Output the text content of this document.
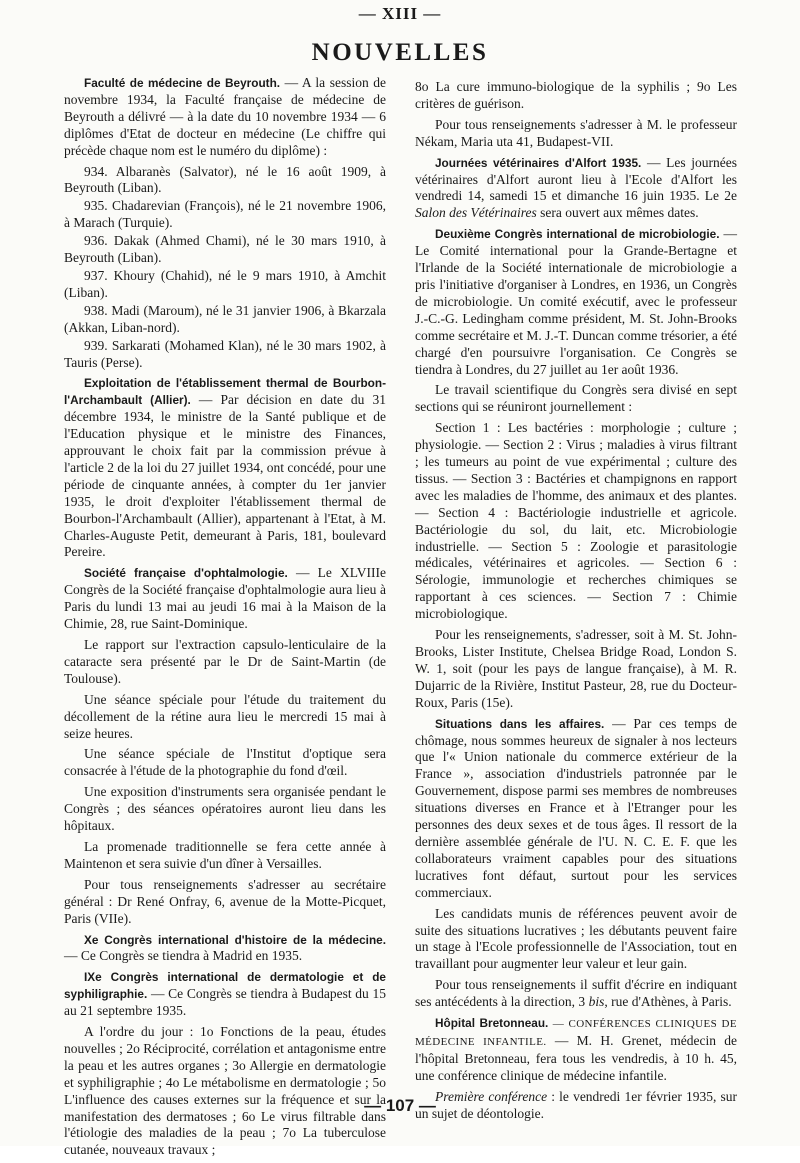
— XIII —
NOUVELLES

Faculté de médecine de Beyrouth. — A la session de novembre 1934, la Faculté française de médecine de Beyrouth a délivré — à la date du 10 novembre 1934 — 6 diplômes d'Etat de docteur en médecine (Le chiffre qui précède chaque nom est le numéro du diplôme) :

934. Albaranès (Salvator), né le 16 août 1909, à Beyrouth (Liban).

935. Chadarevian (François), né le 21 novembre 1906, à Marach (Turquie).

936. Dakak (Ahmed Chami), né le 30 mars 1910, à Beyrouth (Liban).

937. Khoury (Chahid), né le 9 mars 1910, à Amchit (Liban).

938. Madi (Maroum), né le 31 janvier 1906, à Bkarzala (Akkan, Liban-nord).

939. Sarkarati (Mohamed Klan), né le 30 mars 1902, à Tauris (Perse).

Exploitation de l'établissement thermal de Bourbon-l'Archambault (Allier). — Par décision en date du 31 décembre 1934, le ministre de la Santé publique et de l'Education physique et le ministre des Finances, approuvant le choix fait par la commission prévue à l'article 2 de la loi du 27 juillet 1934, ont concédé, pour une période de cinquante années, à compter du 1er janvier 1935, le droit d'exploiter l'établissement thermal de Bourbon-l'Archambault (Allier), appartenant à l'Etat, à M. Charles-Auguste Petit, demeurant à Paris, 181, boulevard Pereire.

Société française d'ophtalmologie. — Le XLVIIIe Congrès de la Société française d'ophtalmologie aura lieu à Paris du lundi 13 mai au jeudi 16 mai à la Maison de la Chimie, 28, rue Saint-Dominique.

Le rapport sur l'extraction capsulo-lenticulaire de la cataracte sera présenté par le Dr de Saint-Martin (de Toulouse).

Une séance spéciale pour l'étude du traitement du décollement de la rétine aura lieu le mercredi 15 mai à seize heures.

Une séance spéciale de l'Institut d'optique sera consacrée à l'étude de la photographie du fond d'œil.

Une exposition d'instruments sera organisée pendant le Congrès ; des séances opératoires auront lieu dans les hôpitaux.

La promenade traditionnelle se fera cette année à Maintenon et sera suivie d'un dîner à Versailles.

Pour tous renseignements s'adresser au secrétaire général : Dr René Onfray, 6, avenue de la Motte-Picquet, Paris (VIIe).

Xe Congrès international d'histoire de la médecine. — Ce Congrès se tiendra à Madrid en 1935.

IXe Congrès international de dermatologie et de syphiligraphie. — Ce Congrès se tiendra à Budapest du 15 au 21 septembre 1935.

A l'ordre du jour : 1o Fonctions de la peau, études nouvelles ; 2o Réciprocité, corrélation et antagonisme entre la peau et les autres organes ; 3o Allergie en dermatologie et syphiligraphie ; 4o Le métabolisme en dermatologie ; 5o L'influence des causes externes sur la fréquence et sur la manifestation des dermatoses ; 6o Le virus filtrable dans l'étiologie des maladies de la peau ; 7o La tuberculose cutanée, nouveaux travaux ;

8o La cure immuno-biologique de la syphilis ; 9o Les critères de guérison.

Pour tous renseignements s'adresser à M. le professeur Nékam, Maria uta 41, Budapest-VII.

Journées vétérinaires d'Alfort 1935. — Les journées vétérinaires d'Alfort auront lieu à l'Ecole d'Alfort les vendredi 14, samedi 15 et dimanche 16 juin 1935. Le 2e Salon des Vétérinaires sera ouvert aux mêmes dates.

Deuxième Congrès international de microbiologie. — Le Comité international pour la Grande-Bertagne et l'Irlande de la Société internationale de microbiologie a pris l'initiative d'organiser à Londres, en 1936, un Congrès de microbiologie. Un comité exécutif, avec le professeur J.-C.-G. Ledingham comme président, M. St. John-Brooks comme secrétaire et M. J.-T. Duncan comme trésorier, a été chargé d'en poursuivre l'organisation. Ce Congrès se tiendra à Londres, du 27 juillet au 1er août 1936.

Le travail scientifique du Congrès sera divisé en sept sections qui se réuniront journellement :

Section 1 : Les bactéries : morphologie ; culture ; physiologie. — Section 2 : Virus ; maladies à virus filtrant ; les tumeurs au point de vue expérimental ; culture des tissus. — Section 3 : Bactéries et champignons en rapport avec les maladies de l'homme, des animaux et des plantes. — Section 4 : Bactériologie industrielle et agricole. Bactériologie du sol, du lait, etc. Microbiologie industrielle. — Section 5 : Zoologie et parasitologie médicales, vétérinaires et agricoles. — Section 6 : Sérologie, immunologie et recherches chimiques se rapportant à ces sciences. — Section 7 : Chimie microbiologique.

Pour les renseignements, s'adresser, soit à M. St. John-Brooks, Lister Institute, Chelsea Bridge Road, London S. W. 1, soit (pour les pays de langue française), à M. R. Dujarric de la Rivière, Institut Pasteur, 28, rue du Docteur-Roux, Paris (15e).

Situations dans les affaires. — Par ces temps de chômage, nous sommes heureux de signaler à nos lecteurs que l'« Union nationale du commerce extérieur de la France », association d'industriels patronnée par le Gouvernement, dispose parmi ses membres de nombreuses situations diverses en France et à l'Etranger pour les personnes des deux sexes et de tous âges. Il ressort de la dernière assemblée générale de l'U. N. C. E. F. que les collaborateurs vraiment capables pour des situations lucratives font défaut, surtout pour les services commerciaux.

Les candidats munis de références peuvent avoir de suite des situations lucratives ; les débutants peuvent faire un stage à l'Ecole professionnelle de l'Association, tout en travaillant pour augmenter leur valeur et leur gain.

Pour tous renseignements il suffit d'écrire en indiquant ses antécédents à la direction, 3 bis, rue d'Athènes, à Paris.

Hôpital Bretonneau. — CONFÉRENCES CLINIQUES DE MÉDECINE INFANTILE. — M. H. Grenet, médecin de l'hôpital Bretonneau, fera tous les vendredis, à 10 h. 45, une conférence clinique de médecine infantile.

Première conférence : le vendredi 1er février 1935, sur un sujet de déontologie.

— 107 —
